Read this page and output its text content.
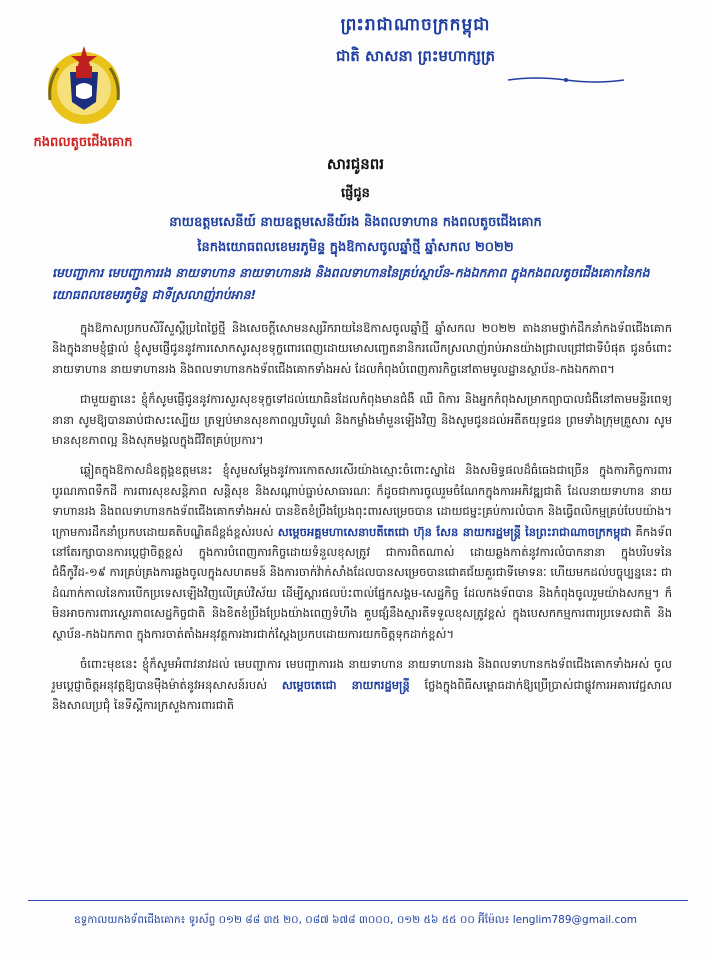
ព្រះរាជាណាចក្រកម្ពុជា
ជាតិ សាសនា ព្រះមហាក្សត្រ
កងពលតូចជើងគោក
សារជូនពរ
ផ្ញើជូន
នាយឧត្តមសេនីយ៍ នាយឧត្តមសេនីយ៍រង និងពលទាហាន កងពលតូចជើងគោក
នៃកងយោធពលខេមរភូមិន្ទ ក្នុងឱកាសចូលឆ្នាំថ្មី ឆ្នាំសកល ២០២២
មេបញ្ជាការ មេបញ្ជាការរង នាយទាហាន នាយទាហានរង និងពលទាហាននៃគ្រប់ស្ថាប័ន-កងឯកភាព ក្នុងកងពលតូចជើងគោកនៃកងយោធពលខេមរភូមិន្ទ ជាទីស្រលាញ់រាប់អាន!

ក្នុងឱកាសប្រកបសិរីសួស្តីប្រពៃថ្ងៃថ្មី និងសេចក្តីសោមនស្សរីករាយនៃឱកាសចូលឆ្នាំថ្មី ឆ្នាំសកល ២០២២ តាងនាមថ្នាក់ដឹកនាំកងទ័ពជើងគោក និងក្នុងនាមខ្ញុំផ្ទាល់ ខ្ញុំសូមផ្ញើជូននូវការសោកសូរសុខទុក្ខពោរពេញដោយមោសញ្ចេតនានិករលើកស្រលាញ់រាប់អានយ៉ាងជ្រាលជ្រៅជាទីបំផុត ជូនចំពោះនាយទាហាន នាយទាហានរង និងពលទាហានកងទ័ពជើងគោកទាំងអស់ ដែលកំពុងបំពេញភារកិច្ចនៅតាមមូលដ្ឋានស្ថាប័ន-កងឯកភាព។

ជាមួយគ្នានេះ ខ្ញុំក៏សូមផ្ញើជូននូវការសួរសុខទុក្ខទៅដល់យោធិនដែលកំពុងមានជំងឺ ឈឺ ពិការ និងអ្នកកំពុងសម្រាកព្យាបាលជំងឺនៅតាមមន្ទីរពេទ្យនានា សូមឱ្យបានឆាប់ជាសះស្បើយ ត្រឡប់មានសុខភាពល្អបរិបូណ៌ និងកម្លាំងមាំមួនឡើងវិញ និងសូមជូនដល់អតីតយុទ្ធជន ព្រមទាំងក្រុមគ្រួសារ សូមមានសុខភាពល្អ និងសុភមង្គលក្នុងជីវិតគ្រប់ប្រការ។

ឆ្លៀតក្នុងឱកាសដ៏ឧត្តុង្គឧត្តមនេះ ខ្ញុំសូមសម្តែងនូវការកោតសរសើរយ៉ាងស្មោះចំពោះស្នាដៃ និងសមិទ្ធផលដ៏ធំធេងជាច្រើន ក្នុងការកិច្ចការពារបូរណភាពទឹកដី ការពារសុខសន្តិភាព សន្តិសុខ និងសណ្តាប់ធ្នាប់សាធារណៈ ក៏ដូចជាការចូលរួមចំណែកក្នុងការអភិវឌ្ឍជាតិ ដែលនាយទាហាន នាយទាហានរង និងពលទាហានកងទ័ពជើងគោកទាំងអស់ បានខិតខំប្រឹងប្រែងពុះពារសម្រេចបាន ដោយជម្នះគ្រប់ការលំបាក និងធ្វើពលិកម្មគ្រប់បែបយ៉ាង។ ក្រោមការដឹកនាំប្រកបដោយគតិបណ្ឌិតដ៏ខ្ពង់ខ្ពស់របស់ សម្តេចអគ្គមហាសេនាបតីតេជោ ហ៊ុន សែន នាយករដ្ឋមន្ត្រី នៃព្រះរាជាណាចក្រកម្ពុជា គឺកងទ័ពនៅតែរក្សាបានការប្ដេជ្ញាចិត្តខ្ពស់ ក្នុងការបំពេញភារកិច្ចដោយទំនួលខុសត្រូវ ជាការពិតណាស់ ដោយឆ្លងកាត់នូវការលំបាកនានា ក្នុងបរិបទនៃជំងឺកូវីដ-១៩ ការគ្រប់គ្រងការឆ្លងចូលក្នុងសហគមន៍ និងការចាក់វ៉ាក់សាំងដែលបានសម្រេចបានជោគជ័យគួរជាទីមោទនៈ ហើយមកដល់បច្ចុប្បន្ននេះ ជាដំណាក់កាលនៃការបើកប្រទេសឡើងវិញលើគ្រប់វិស័យ ដើម្បីស្តារផលប៉ះពាល់ផ្នែកសង្គម-សេដ្ឋកិច្ច ដែលកងទ័ពបាន និងកំពុងចូលរួមយ៉ាងសកម្ម។ ក៏មិនអាចការពារស្ថេរភាពសេដ្ឋកិច្ចជាតិ និងខិតខំប្រឹងប្រែងយ៉ាងពេញទំហឹង គួបផ្សំនឹងស្មារតីទទួលខុសត្រូវខ្ពស់ ក្នុងបេសកកម្មការពារប្រទេសជាតិ និងស្ថាប័ន-កងឯកភាព ក្នុងការចាត់តាំងអនុវត្តការងារជាក់ស្តែងប្រកបដោយការយកចិត្តទុកដាក់ខ្ពស់។

ចំពោះមុខនេះ ខ្ញុំក៏សូមអំពាវនាវដល់ មេបញ្ជាការ មេបញ្ជាការរង នាយទាហាន នាយទាហានរង និងពលទាហានកងទ័ពជើងគោកទាំងអស់ ចូលរួមប្តេជ្ញាចិត្តអនុវត្តឱ្យបានម៉ឺងម៉ាត់នូវអនុសាសន៍របស់ សម្តេចតេជោ នាយករដ្ឋមន្ត្រី ថ្លែងក្នុងពិធីសម្ពោធដាក់ឱ្យប្រើប្រាស់ជាផ្លូវការអគារវេជ្ជសាល និងសាលប្រជុំ នៃទីស្តីការក្រសួងការពារជាតិ

ឧទ្ទកាលយកងទ័ពជើងគោក៖ ទូរស័ព្ទ ០១២ ៨៨ ៣៥ ២០, ០៨៧ ៦៧៨ ៣០០០, ០១២ ៥៦ ៥៥ ០០ អ៊ីម៉ែល៖ lenglim789@gmail.com
